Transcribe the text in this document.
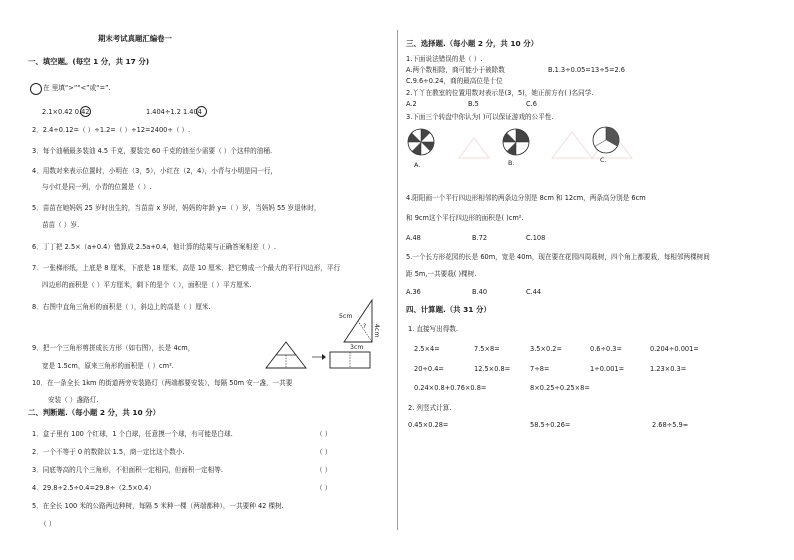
期末考试真题汇编卷一
一、填空题。(每空 1 分，共 17 分)
在 里填“>”“<”或“=”.
2.1×0.42 0.42	1.404÷1.2 1.404
2．2.4÷0.12=（ ）÷1.2=（ ）÷12=2400÷（ ）.
3．每个油桶最多装油 4.5 千克，要装完 60 千克的油至少需要（ ）个这样的油桶.
4．用数对来表示位置时，小明在（3，5），小红在（2，4），小青与小明是同一行，
与小红是同一列，小青的位置是（ ）.
5．苗苗在她妈妈 25 岁时出生的，当苗苗 x 岁时，妈妈的年龄 y=（ ）岁，当妈妈 55 岁退休时，
苗苗（ ）岁.
6．丁丁把 2.5×（a+0.4）错算成 2.5a+0.4，他计算的结果与正确答案相差（ ）.
7．一张梯形纸，上底是 8 厘米，下底是 18 厘米，高是 10 厘米．把它剪成一个最大的平行四边形，平行
四边形的面积是（ ）平方厘米，剩下的是个（ ），面积是（ ）平方厘米.
8．右图中直角三角形的面积是（ ），斜边上的高是（ ）厘米.
5cm
?
3cm
4cm
9．把一个三角形剪拼成长方形（如右图），长是 4cm，
宽是 1.5cm，原来三角形的面积是（ ）cm².
10．在一条全长 1km 的街道两旁安装路灯（两端都要安装），每隔 50m 安一盏，一共要
安装（ ）盏路灯.
二、判断题.（每小题 2 分，共 10 分）
1．盒子里有 100 个红球，1 个白球，任意摸一个球，有可能是白球.	（ ）
2．一个不等于 0 的数除以 1.5，商一定比这个数小.	（ ）
3．同底等高的几个三角形，不但面积一定相同，但面积一定相等.	（ ）
4．29.8÷2.5÷0.4=29.8÷（2.5×0.4）	（ ）
5．在全长 100 米的公路两边种树，每隔 5 米种一棵（两端都种），一共要种 42 棵树.
（ ）
三、选择题.（每小题 2 分，共 10 分）
1.下面说法错误的是（ ）.
A.两个数相除，商可能小于被除数	B.1.3÷0.05=13÷5=2.6
C.9.6÷0.24，商的最高位是十位
2.丫丫在教室的位置用数对表示是(3，5)，她正前方有( )名同学.
A.2	B.5	C.6
3.下面三个转盘中你认为( )可以保证游戏的公平性.
A.	B.	C.
4.阳阳画一个平行四边形相邻的两条边分别是 8cm 和 12cm，两条高分别是 6cm
和 9cm这个平行四边形的面积是( )cm².
A.48	B.72	C.108
5.一个长方形花园的长是 60m，宽是 40m，现在要在花园四周栽树，四个角上都要栽，每相邻两棵树间
距 5m,一共要栽( )棵树.
A.36	B.40	C.44
四、计算题.（共 31 分）
1. 直接写出得数.
2.5×4=	7.5×8=	3.5×0.2=	0.6÷0.3=	0.204÷0.001=
20÷0.4=	12.5×0.8=	7÷8=	1÷0.001=	1.23×0.3=
0.24×0.8+0.76×0.8=	8×0.25÷0.25×8=
2. 列竖式计算.
0.45×0.28=	58.5÷0.26=	2.68÷5.9≈
